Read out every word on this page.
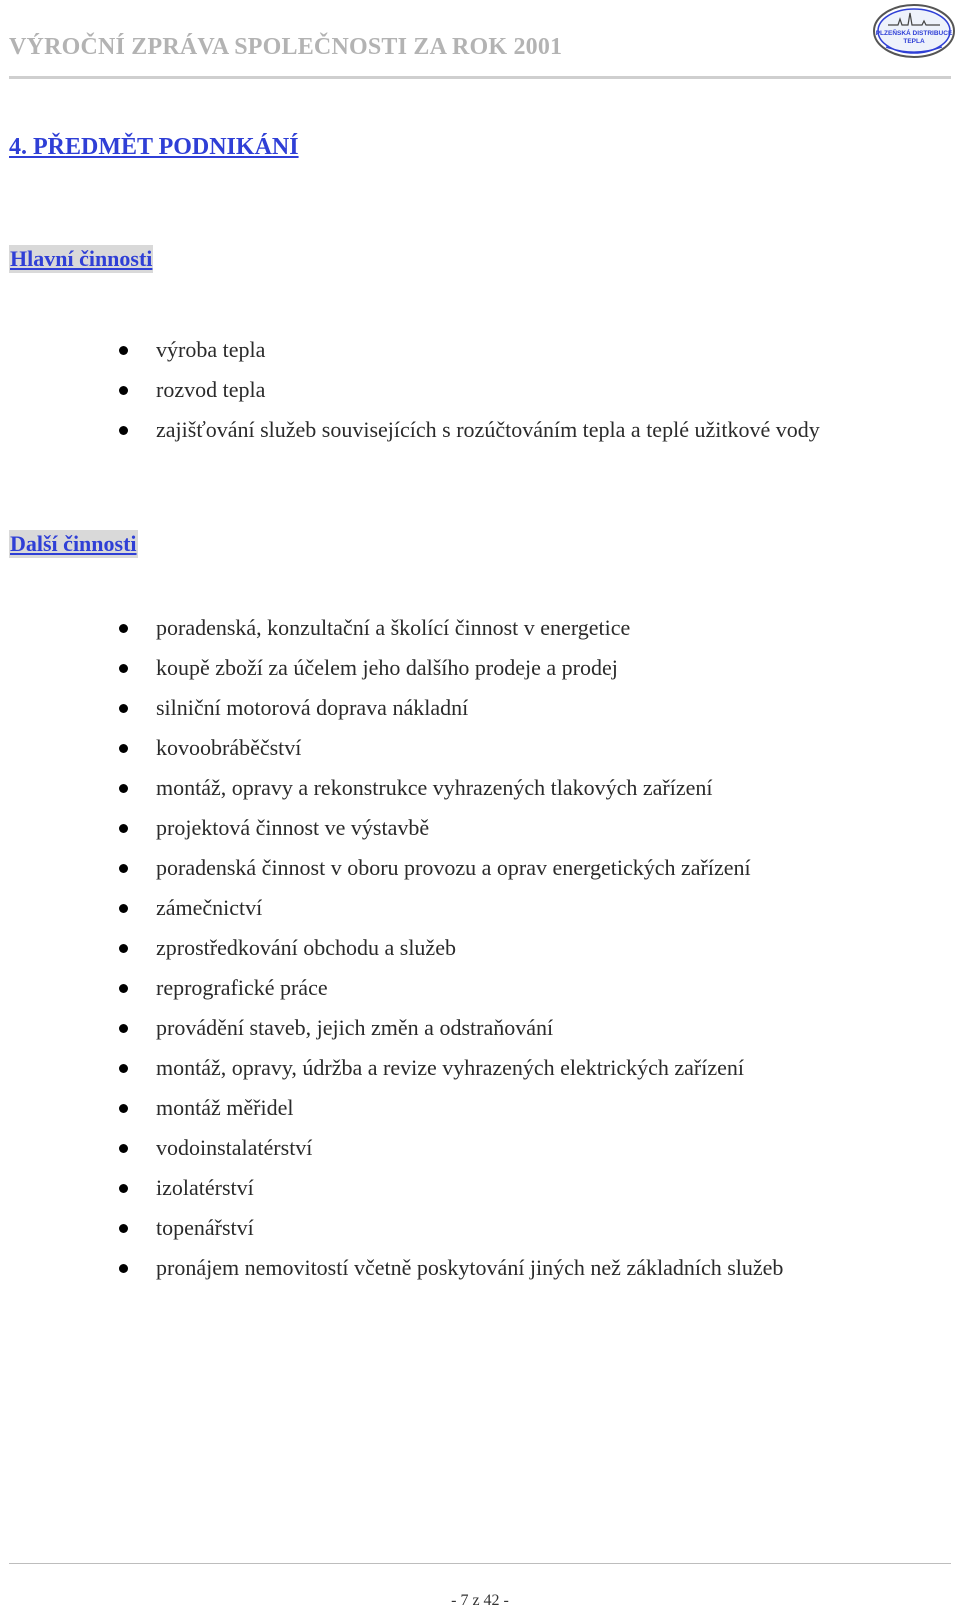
VÝROČNÍ ZPRÁVA SPOLEČNOSTI ZA ROK 2001
PLZEŇSKÁ DISTRIBUCE
TEPLA
4. PŘEDMĚT PODNIKÁNÍ
Hlavní činnosti
výroba tepla
rozvod tepla
zajišťování služeb souvisejících s rozúčtováním tepla a teplé užitkové vody
Další činnosti
poradenská, konzultační a školící činnost v energetice
koupě zboží za účelem jeho dalšího prodeje a prodej
silniční motorová doprava nákladní
kovoobráběčství
montáž, opravy a rekonstrukce vyhrazených tlakových zařízení
projektová činnost ve výstavbě
poradenská činnost v oboru provozu a oprav energetických zařízení
zámečnictví
zprostředkování obchodu a služeb
reprografické práce
provádění staveb, jejich změn a odstraňování
montáž, opravy, údržba a revize vyhrazených elektrických zařízení
montáž měřidel
vodoinstalatérství
izolatérství
topenářství
pronájem nemovitostí včetně poskytování jiných než základních služeb
- 7 z 42 -
